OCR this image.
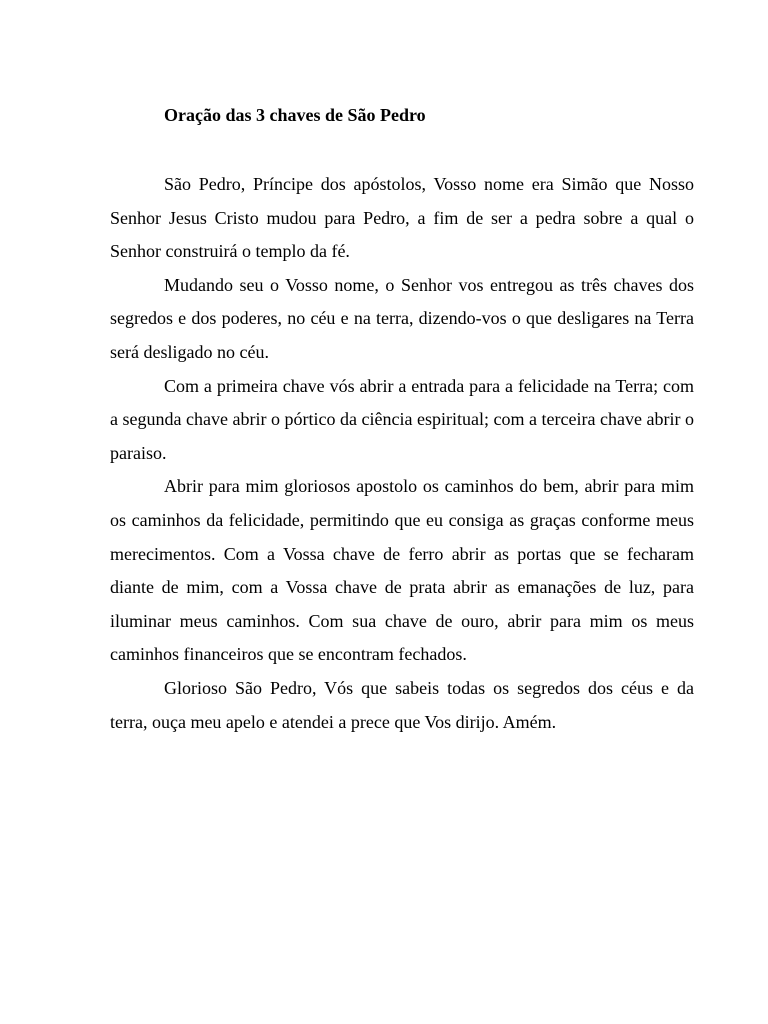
Oração das 3 chaves de São Pedro

São Pedro, Príncipe dos apóstolos, Vosso nome era Simão que Nosso Senhor Jesus Cristo mudou para Pedro, a fim de ser a pedra sobre a qual o Senhor construirá o templo da fé.

Mudando seu o Vosso nome, o Senhor vos entregou as três chaves dos segredos e dos poderes, no céu e na terra, dizendo-vos o que desligares na Terra será desligado no céu.

Com a primeira chave vós abrir a entrada para a felicidade na Terra; com a segunda chave abrir o pórtico da ciência espiritual; com a terceira chave abrir o paraiso.

Abrir para mim gloriosos apostolo os caminhos do bem, abrir para mim os caminhos da felicidade, permitindo que eu consiga as graças conforme meus merecimentos. Com a Vossa chave de ferro abrir as portas que se fecharam diante de mim, com a Vossa chave de prata abrir as emanações de luz, para iluminar meus caminhos. Com sua chave de ouro, abrir para mim os meus caminhos financeiros que se encontram fechados.

Glorioso São Pedro, Vós que sabeis todas os segredos dos céus e da terra, ouça meu apelo e atendei a prece que Vos dirijo. Amém.
